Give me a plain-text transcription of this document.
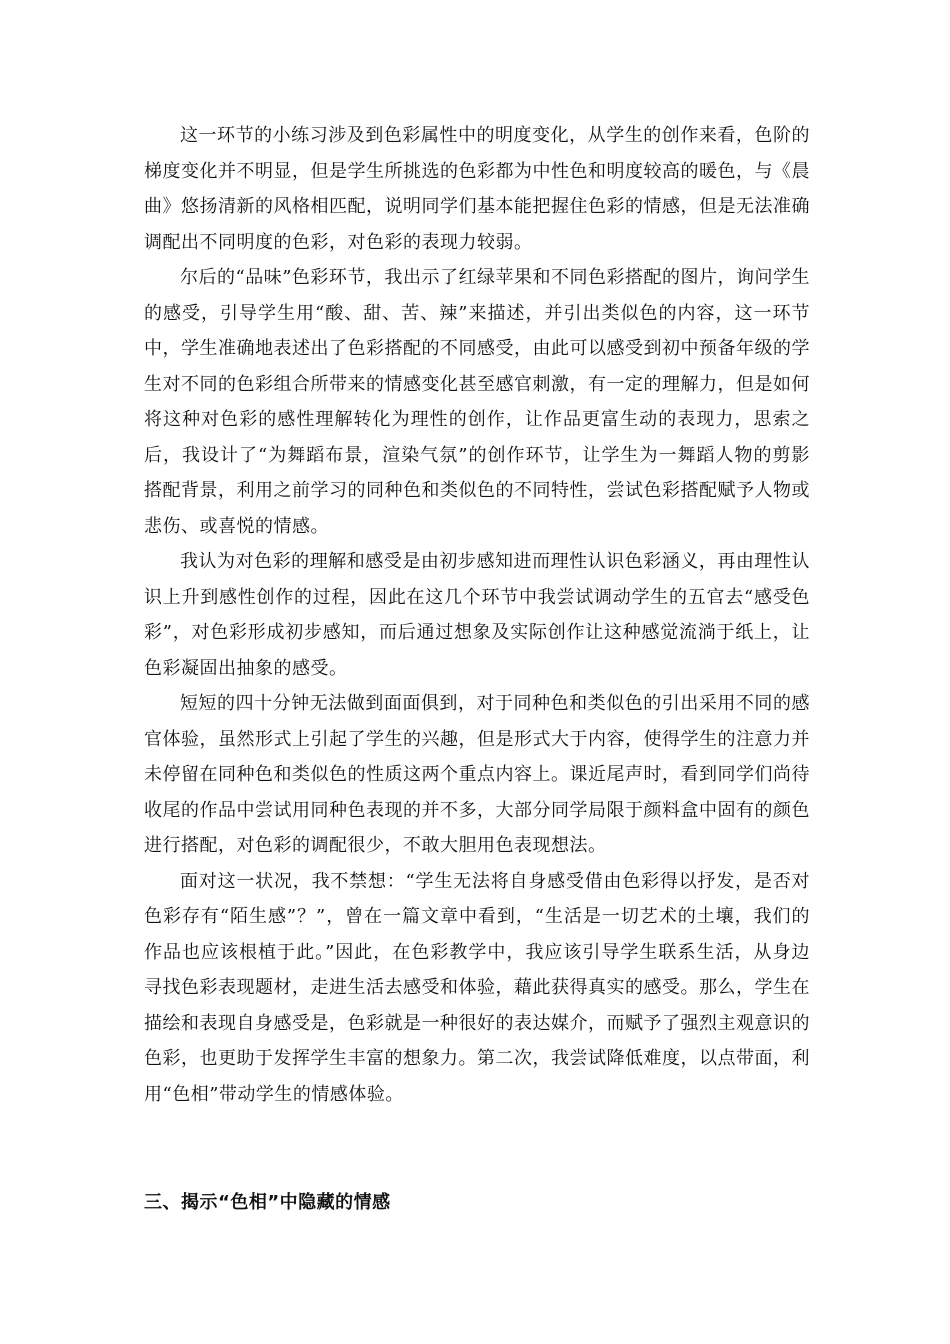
这一环节的小练习涉及到色彩属性中的明度变化，从学生的创作来看，色阶的梯度变化并不明显，但是学生所挑选的色彩都为中性色和明度较高的暖色，与《晨曲》悠扬清新的风格相匹配，说明同学们基本能把握住色彩的情感，但是无法准确调配出不同明度的色彩，对色彩的表现力较弱。

尔后的“品味”色彩环节，我出示了红绿苹果和不同色彩搭配的图片，询问学生的感受，引导学生用“酸、甜、苦、辣”来描述，并引出类似色的内容，这一环节中，学生准确地表述出了色彩搭配的不同感受，由此可以感受到初中预备年级的学生对不同的色彩组合所带来的情感变化甚至感官刺激，有一定的理解力，但是如何将这种对色彩的感性理解转化为理性的创作，让作品更富生动的表现力，思索之后，我设计了“为舞蹈布景，渲染气氛”的创作环节，让学生为一舞蹈人物的剪影搭配背景，利用之前学习的同种色和类似色的不同特性，尝试色彩搭配赋予人物或悲伤、或喜悦的情感。

我认为对色彩的理解和感受是由初步感知进而理性认识色彩涵义，再由理性认识上升到感性创作的过程，因此在这几个环节中我尝试调动学生的五官去“感受色彩”，对色彩形成初步感知，而后通过想象及实际创作让这种感觉流淌于纸上，让色彩凝固出抽象的感受。

短短的四十分钟无法做到面面俱到，对于同种色和类似色的引出采用不同的感官体验，虽然形式上引起了学生的兴趣，但是形式大于内容，使得学生的注意力并未停留在同种色和类似色的性质这两个重点内容上。课近尾声时，看到同学们尚待收尾的作品中尝试用同种色表现的并不多，大部分同学局限于颜料盒中固有的颜色进行搭配，对色彩的调配很少，不敢大胆用色表现想法。

面对这一状况，我不禁想：“学生无法将自身感受借由色彩得以抒发，是否对色彩存有“陌生感”？”，曾在一篇文章中看到，“生活是一切艺术的土壤，我们的作品也应该根植于此。”因此，在色彩教学中，我应该引导学生联系生活，从身边寻找色彩表现题材，走进生活去感受和体验，藉此获得真实的感受。那么，学生在描绘和表现自身感受是，色彩就是一种很好的表达媒介，而赋予了强烈主观意识的色彩，也更助于发挥学生丰富的想象力。第二次，我尝试降低难度，以点带面，利用“色相”带动学生的情感体验。

三、揭示“色相”中隐藏的情感
